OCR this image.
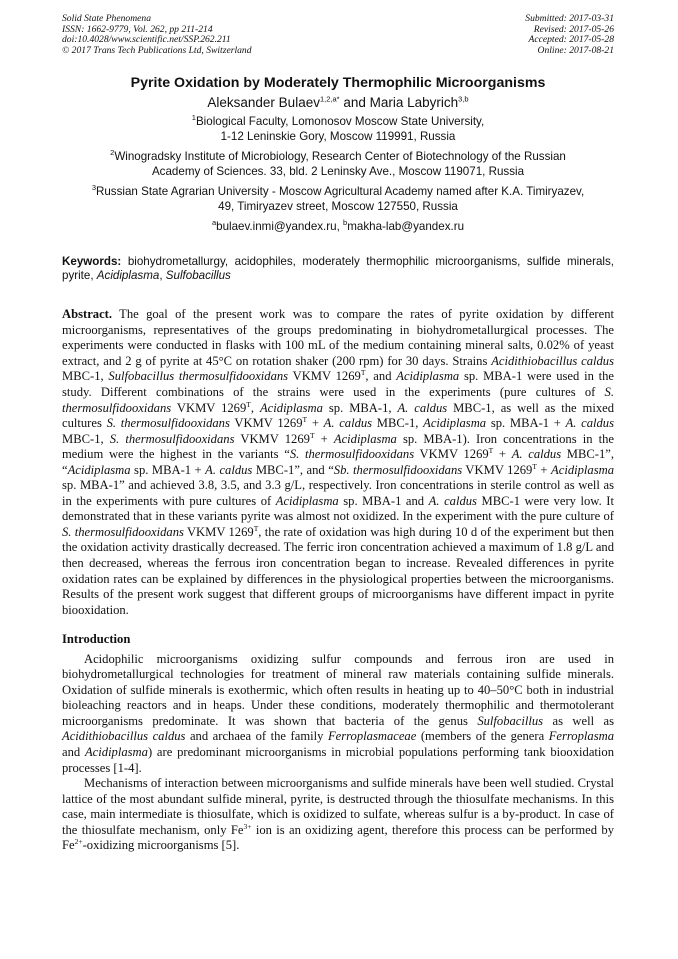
Solid State Phenomena
ISSN: 1662-9779, Vol. 262, pp 211-214
doi:10.4028/www.scientific.net/SSP.262.211
© 2017 Trans Tech Publications Ltd, Switzerland
Submitted: 2017-03-31
Revised: 2017-05-26
Accepted: 2017-05-28
Online: 2017-08-21
Pyrite Oxidation by Moderately Thermophilic Microorganisms
Aleksander Bulaev$^{1,2,a*}$ and Maria Labyrich$^{3,b}$
$^1$Biological Faculty, Lomonosov Moscow State University,
1-12 Leninskie Gory, Moscow 119991, Russia
$^2$Winogradsky Institute of Microbiology, Research Center of Biotechnology of the Russian
Academy of Sciences. 33, bld. 2 Leninsky Ave., Moscow 119071, Russia
$^3$Russian State Agrarian University - Moscow Agricultural Academy named after K.A. Timiryazev,
49, Timiryazev street, Moscow 127550, Russia
$^a$bulaev.inmi@yandex.ru, $^b$makha-lab@yandex.ru
Keywords: biohydrometallurgy, acidophiles, moderately thermophilic microorganisms, sulfide minerals, pyrite, Acidiplasma, Sulfobacillus
Abstract. The goal of the present work was to compare the rates of pyrite oxidation by different microorganisms, representatives of the groups predominating in biohydrometallurgical processes. The experiments were conducted in flasks with 100 mL of the medium containing mineral salts, 0.02% of yeast extract, and 2 g of pyrite at 45°C on rotation shaker (200 rpm) for 30 days. Strains Acidithiobacillus caldus MBC-1, Sulfobacillus thermosulfidooxidans VKMV $1269^T$, and Acidiplasma sp. MBA-1 were used in the study. Different combinations of the strains were used in the experiments (pure cultures of S. thermosulfidooxidans VKMV $1269^T$, Acidiplasma sp. MBA-1, A. caldus MBC-1, as well as the mixed cultures S. thermosulfidooxidans VKMV $1269^T + A$. caldus MBC-1, Acidiplasma sp. MBA-1 + A. caldus MBC-1, S. thermosulfidooxidans VKMV $1269^T$ + Acidiplasma sp. MBA-1). Iron concentrations in the medium were the highest in the variants “S. thermosulfidooxidans VKMV $1269^T + A$. caldus MBC-1”, “Acidiplasma sp. MBA-1 + A. caldus MBC-1”, and “Sb. thermosulfidooxidans VKMV $1269^T$ + Acidiplasma sp. MBA-1” and achieved 3.8, 3.5, and 3.3 g/L, respectively. Iron concentrations in sterile control as well as in the experiments with pure cultures of Acidiplasma sp. MBA-1 and A. caldus MBC-1 were very low. It demonstrated that in these variants pyrite was almost not oxidized. In the experiment with the pure culture of S. thermosulfidooxidans VKMV $1269^T$, the rate of oxidation was high during 10 d of the experiment but then the oxidation activity drastically decreased. The ferric iron concentration achieved a maximum of 1.8 g/L and then decreased, whereas the ferrous iron concentration began to increase. Revealed differences in pyrite oxidation rates can be explained by differences in the physiological properties between the microorganisms. Results of the present work suggest that different groups of microorganisms have different impact in pyrite biooxidation.
Introduction
Acidophilic microorganisms oxidizing sulfur compounds and ferrous iron are used in biohydrometallurgical technologies for treatment of mineral raw materials containing sulfide minerals. Oxidation of sulfide minerals is exothermic, which often results in heating up to 40–50°C both in industrial bioleaching reactors and in heaps. Under these conditions, moderately thermophilic and thermotolerant microorganisms predominate. It was shown that bacteria of the genus Sulfobacillus as well as Acidithiobacillus caldus and archaea of the family Ferroplasmaceae (members of the genera Ferroplasma and Acidiplasma) are predominant microorganisms in microbial populations performing tank biooxidation processes [1-4].
Mechanisms of interaction between microorganisms and sulfide minerals have been well studied. Crystal lattice of the most abundant sulfide mineral, pyrite, is destructed through the thiosulfate mechanisms. In this case, main intermediate is thiosulfate, which is oxidized to sulfate, whereas sulfur is a by-product. In case of the thiosulfate mechanism, only $Fe^{3+}$ ion is an oxidizing agent, therefore this process can be performed by $Fe^{2+}$-oxidizing microorganisms [5].
